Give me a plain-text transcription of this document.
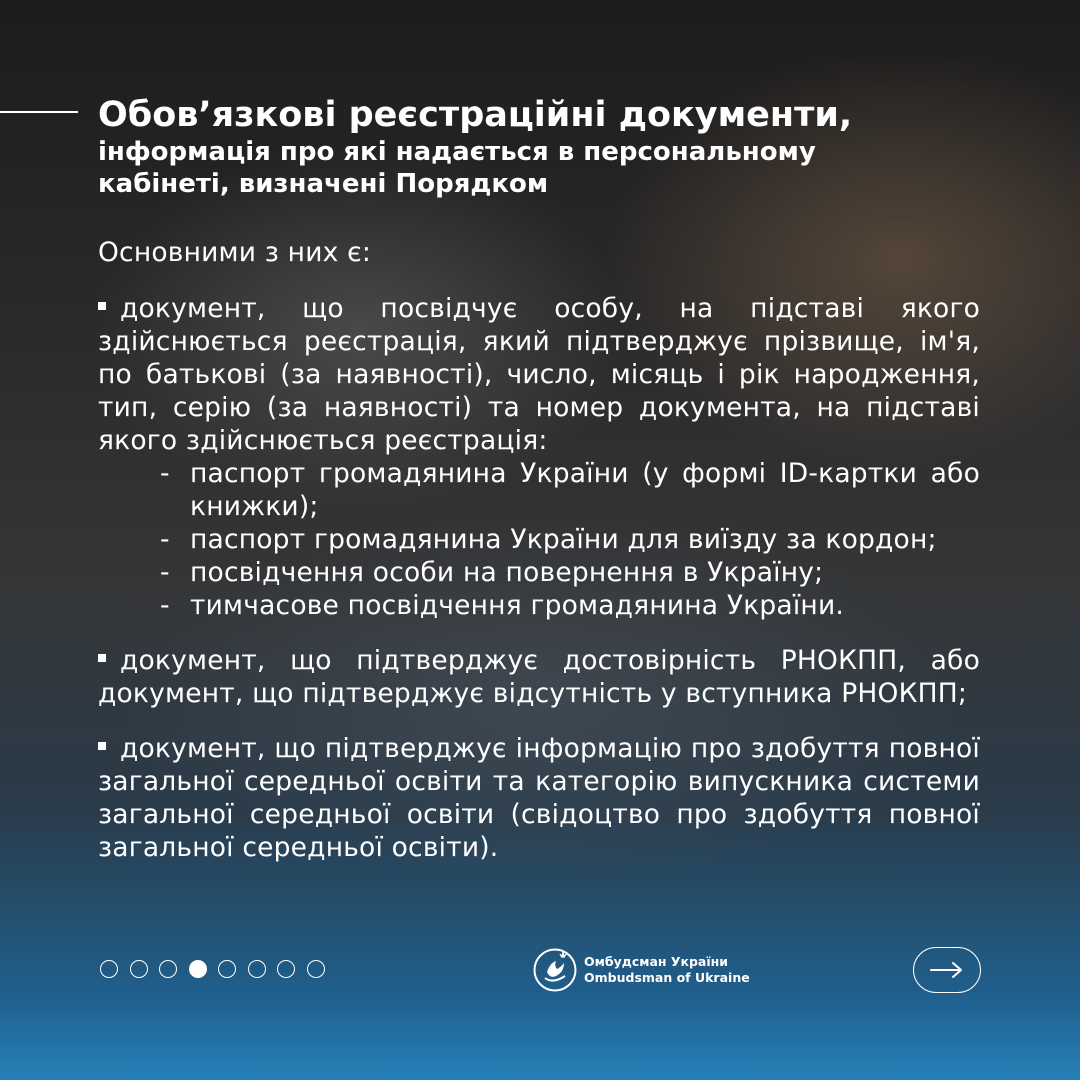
Обов’язкові реєстраційні документи,
інформація про які надається в персональному
кабінеті, визначені Порядком

Основними з них є:

документ, що посвідчує особу, на підставі якого здійснюється реєстрація, який підтверджує прізвище, ім'я, по батькові (за наявності), число, місяць і рік народження, тип, серію (за наявності) та номер документа, на підставі якого здійснюється реєстрація:

- паспорт громадянина України (у формі ID-картки або книжки);
- паспорт громадянина України для виїзду за кордон;
- посвідчення особи на повернення в Україну;
- тимчасове посвідчення громадянина України.

документ, що підтверджує достовірність РНОКПП, або документ, що підтверджує відсутність у вступника РНОКПП;

документ, що підтверджує інформацію про здобуття повної загальної середньої освіти та категорію випускника системи загальної середньої освіти (свідоцтво про здобуття повної загальної середньої освіти).

Омбудсман України
Ombudsman of Ukraine
